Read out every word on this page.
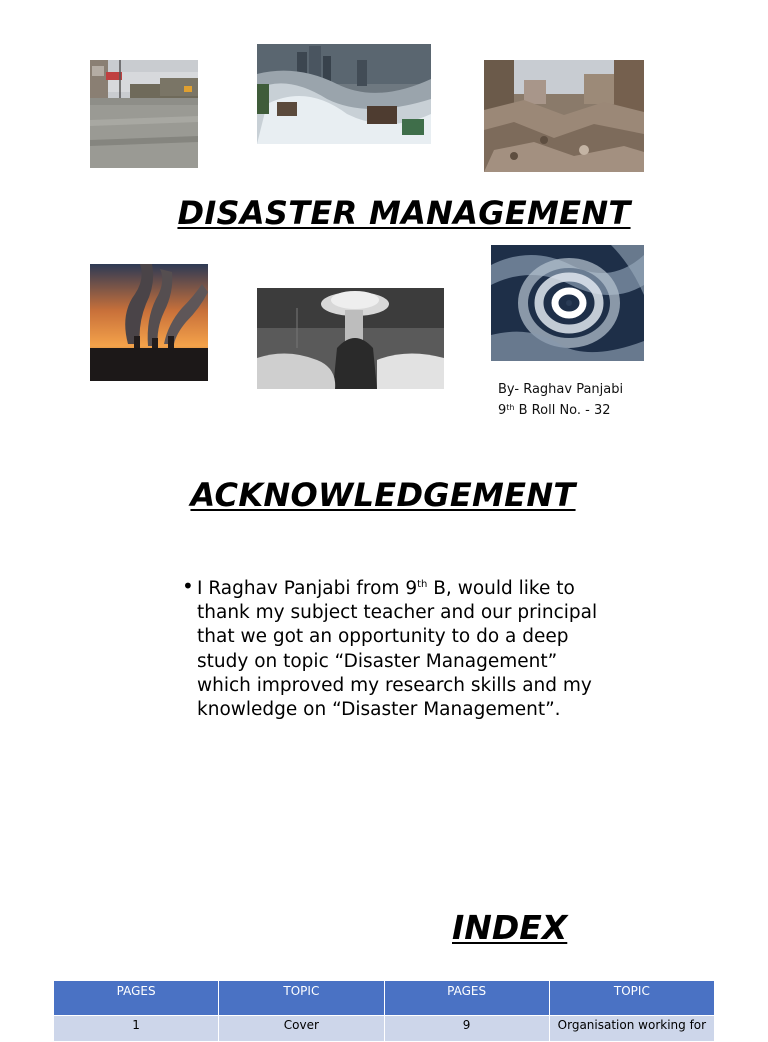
DISASTER MANAGEMENT
By- Raghav Panjabi
9th B Roll No. - 32
ACKNOWLEDGEMENT
• I Raghav Panjabi from 9th B, would like to thank my subject teacher and our principal that we got an opportunity to do a deep study on topic “Disaster Management” which improved my research skills and my knowledge on “Disaster Management”.
INDEX
PAGES	TOPIC	PAGES	TOPIC
1	Cover	9	Organisation working for
